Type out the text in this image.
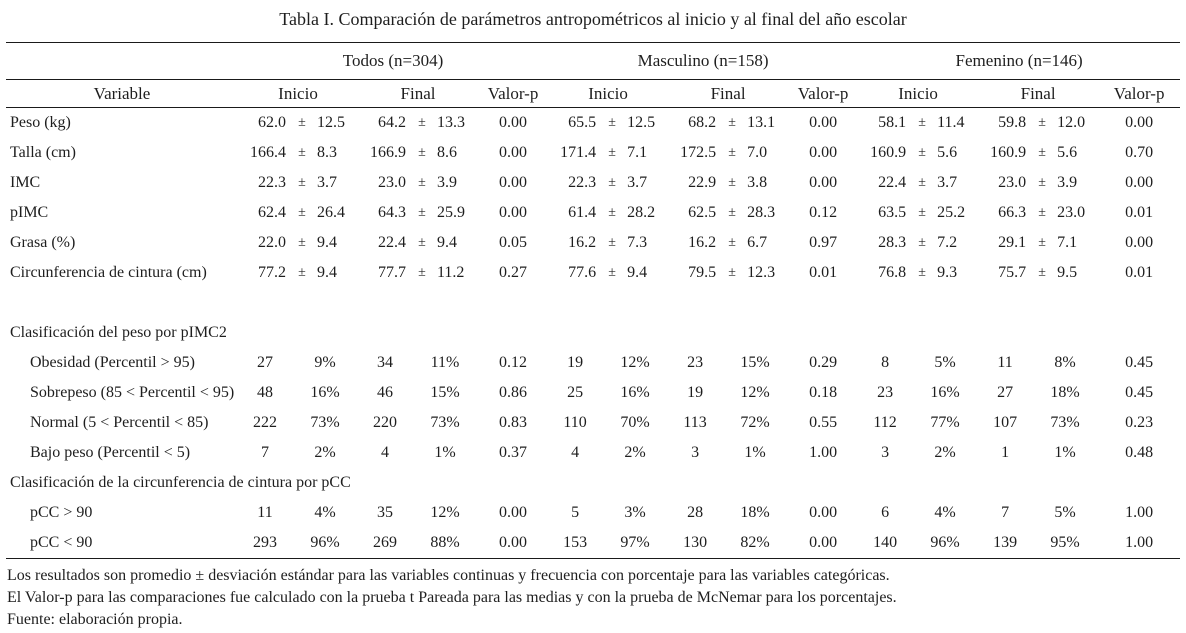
Tabla I. Comparación de parámetros antropométricos al inicio y al final del año escolar
	Todos (n=304)							Masculino (n=158)							Femenino (n=146)						
Variable	Inicio			Final			Valor-p	Inicio			Final			Valor-p	Inicio			Final			Valor-p
Peso (kg)	62.0	±	12.5	64.2	±	13.3	0.00	65.5	±	12.5	68.2	±	13.1	0.00	58.1	±	11.4	59.8	±	12.0	0.00
Talla (cm)	166.4	±	8.3	166.9	±	8.6	0.00	171.4	±	7.1	172.5	±	7.0	0.00	160.9	±	5.6	160.9	±	5.6	0.70
IMC	22.3	±	3.7	23.0	±	3.9	0.00	22.3	±	3.7	22.9	±	3.8	0.00	22.4	±	3.7	23.0	±	3.9	0.00
pIMC	62.4	±	26.4	64.3	±	25.9	0.00	61.4	±	28.2	62.5	±	28.3	0.12	63.5	±	25.2	66.3	±	23.0	0.01
Grasa (%)	22.0	±	9.4	22.4	±	9.4	0.05	16.2	±	7.3	16.2	±	6.7	0.97	28.3	±	7.2	29.1	±	7.1	0.00
Circunferencia de cintura (cm)	77.2	±	9.4	77.7	±	11.2	0.27	77.6	±	9.4	79.5	±	12.3	0.01	76.8	±	9.3	75.7	±	9.5	0.01

Clasificación del peso por pIMC2																					
Obesidad (Percentil > 95)	27	9%		34	11%		0.12	19	12%		23	15%		0.29	8	5%		11	8%		0.45
Sobrepeso (85 < Percentil < 95)	48	16%		46	15%		0.86	25	16%		19	12%		0.18	23	16%		27	18%		0.45
Normal (5 < Percentil < 85)	222	73%		220	73%		0.83	110	70%		113	72%		0.55	112	77%		107	73%		0.23
Bajo peso (Percentil < 5)	7	2%		4	1%		0.37	4	2%		3	1%		1.00	3	2%		1	1%		0.48
Clasificación de la circunferencia de cintura por pCC																					
pCC > 90	11	4%		35	12%		0.00	5	3%		28	18%		0.00	6	4%		7	5%		1.00
pCC < 90	293	96%		269	88%		0.00	153	97%		130	82%		0.00	140	96%		139	95%		1.00
Los resultados son promedio ± desviación estándar para las variables continuas y frecuencia con porcentaje para las variables categóricas.
El Valor-p para las comparaciones fue calculado con la prueba t Pareada para las medias y con la prueba de McNemar para los porcentajes.
Fuente: elaboración propia.
